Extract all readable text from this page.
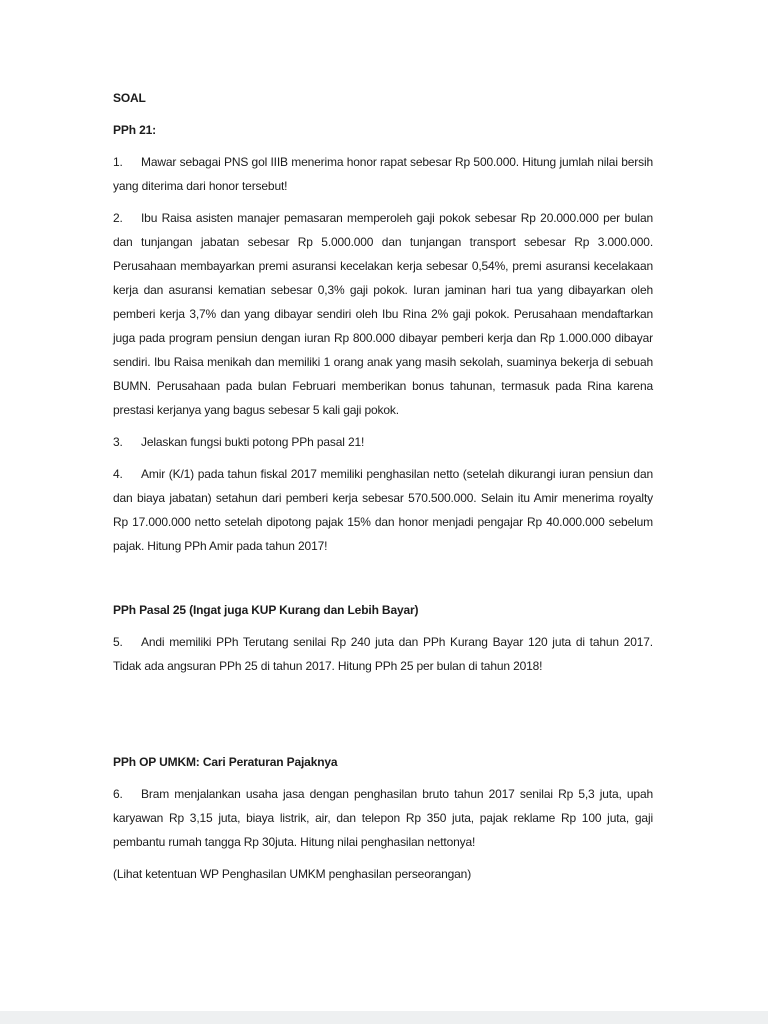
SOAL

PPh 21:

1. Mawar sebagai PNS gol IIIB menerima honor rapat sebesar Rp 500.000. Hitung jumlah nilai bersih yang diterima dari honor tersebut!

2. Ibu Raisa asisten manajer pemasaran memperoleh gaji pokok sebesar Rp 20.000.000 per bulan dan tunjangan jabatan sebesar Rp 5.000.000 dan tunjangan transport sebesar Rp 3.000.000. Perusahaan membayarkan premi asuransi kecelakan kerja sebesar 0,54%, premi asuransi kecelakaan kerja dan asuransi kematian sebesar 0,3% gaji pokok. Iuran jaminan hari tua yang dibayarkan oleh pemberi kerja 3,7% dan yang dibayar sendiri oleh Ibu Rina 2% gaji pokok. Perusahaan mendaftarkan juga pada program pensiun dengan iuran Rp 800.000 dibayar pemberi kerja dan Rp 1.000.000 dibayar sendiri. Ibu Raisa menikah dan memiliki 1 orang anak yang masih sekolah, suaminya bekerja di sebuah BUMN. Perusahaan pada bulan Februari memberikan bonus tahunan, termasuk pada Rina karena prestasi kerjanya yang bagus sebesar 5 kali gaji pokok.

3. Jelaskan fungsi bukti potong PPh pasal 21!

4. Amir (K/1) pada tahun fiskal 2017 memiliki penghasilan netto (setelah dikurangi iuran pensiun dan dan biaya jabatan) setahun dari pemberi kerja sebesar 570.500.000. Selain itu Amir menerima royalty Rp 17.000.000 netto setelah dipotong pajak 15% dan honor menjadi pengajar Rp 40.000.000 sebelum pajak. Hitung PPh Amir pada tahun 2017!

PPh Pasal 25 (Ingat juga KUP Kurang dan Lebih Bayar)

5. Andi memiliki PPh Terutang senilai Rp 240 juta dan PPh Kurang Bayar 120 juta di tahun 2017. Tidak ada angsuran PPh 25 di tahun 2017. Hitung PPh 25 per bulan di tahun 2018!

PPh OP UMKM: Cari Peraturan Pajaknya

6. Bram menjalankan usaha jasa dengan penghasilan bruto tahun 2017 senilai Rp 5,3 juta, upah karyawan Rp 3,15 juta, biaya listrik, air, dan telepon Rp 350 juta, pajak reklame Rp 100 juta, gaji pembantu rumah tangga Rp 30juta. Hitung nilai penghasilan nettonya!

(Lihat ketentuan WP Penghasilan UMKM penghasilan perseorangan)
